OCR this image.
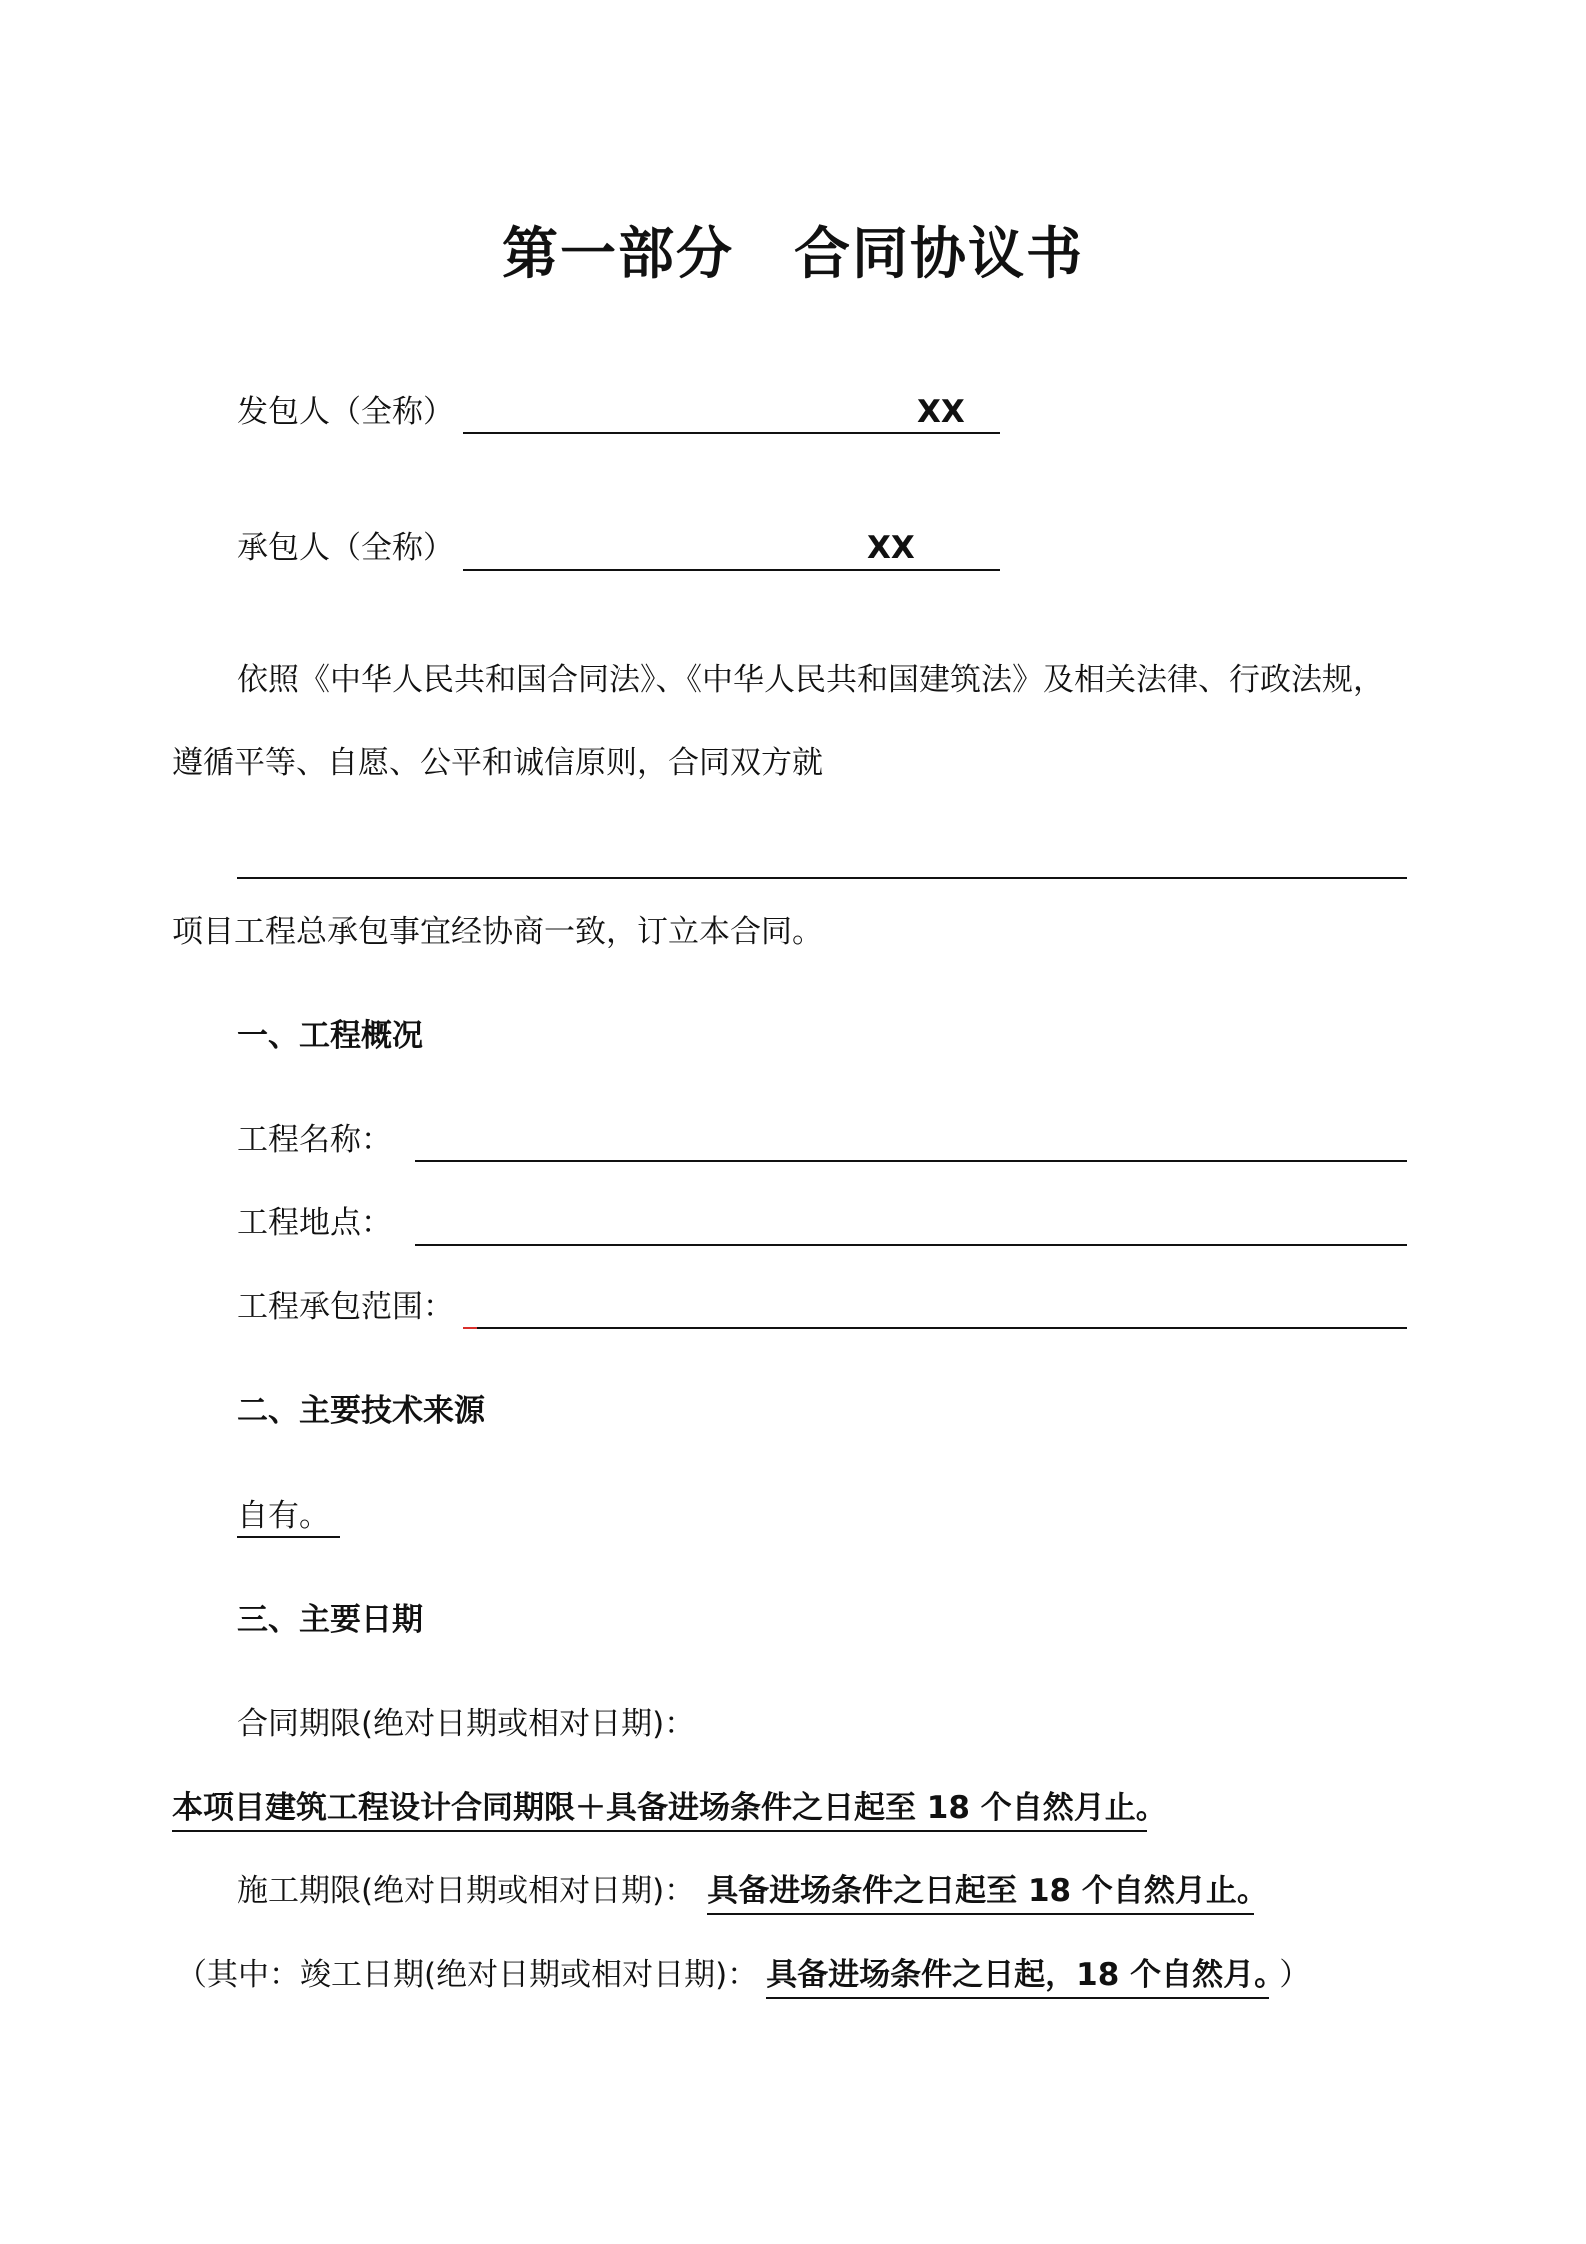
第一部分 合同协议书
发包人（全称）	XX
承包人（全称）	XX
依照《中华人民共和国合同法》、《中华人民共和国建筑法》及相关法律、行政法规，
遵循平等、自愿、公平和诚信原则，合同双方就
项目工程总承包事宜经协商一致，订立本合同。
一、工程概况
工程名称：
工程地点：
工程承包范围：
二、主要技术来源
自有。
三、主要日期
合同期限(绝对日期或相对日期)：
本项目建筑工程设计合同期限＋具备进场条件之日起至 18 个自然月止。
施工期限(绝对日期或相对日期)： 具备进场条件之日起至 18 个自然月止。
（其中：竣工日期(绝对日期或相对日期)： 具备进场条件之日起，18 个自然月。）
